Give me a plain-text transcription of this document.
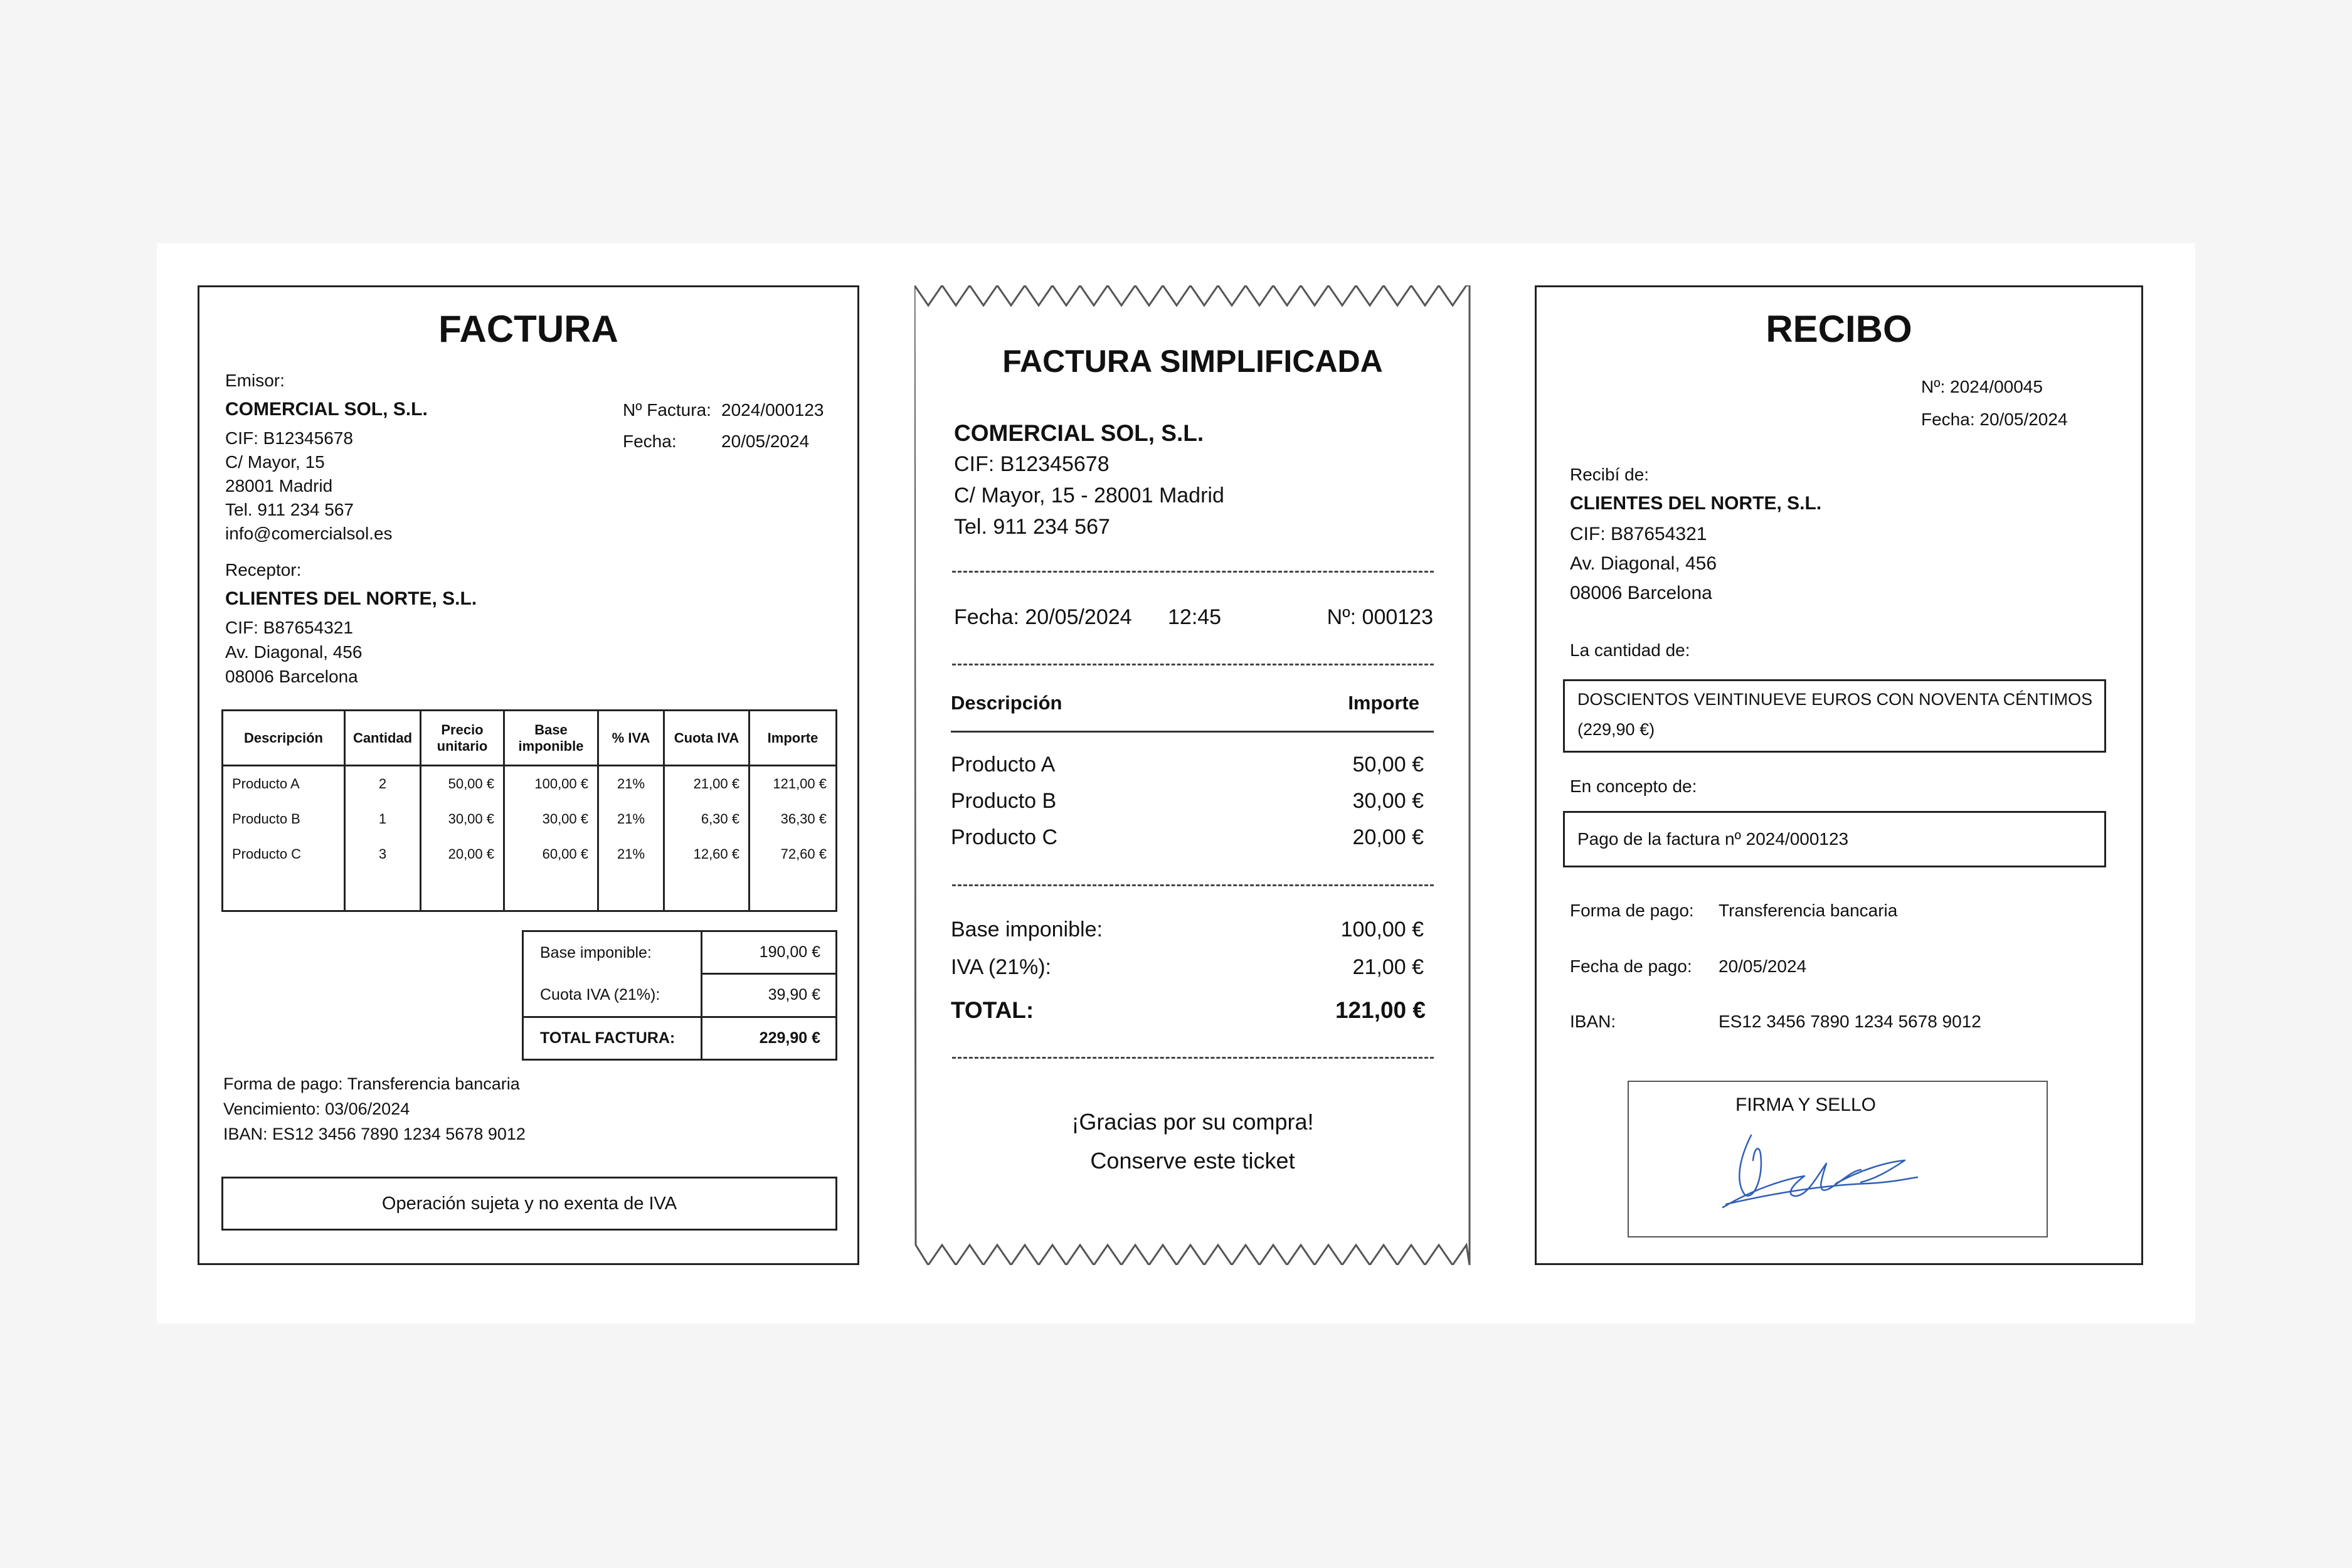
FACTURA
Emisor:
COMERCIAL SOL, S.L.
CIF: B12345678
C/ Mayor, 15
28001 Madrid
Tel. 911 234 567
info@comercialsol.es
Nº Factura: 2024/000123
Fecha:	20/05/2024
Receptor:
CLIENTES DEL NORTE, S.L.
CIF: B87654321
Av. Diagonal, 456
08006 Barcelona
Descripción	Cantidad	Precio unitario	Base imponible	% IVA	Cuota IVA	Importe
Producto A	2	50,00 €	100,00 €	21%	21,00 €	121,00 €
Producto B	1	30,00 €	30,00 €	21%	6,30 €	36,30 €
Producto C	3	20,00 €	60,00 €	21%	12,60 €	72,60 €

Base imponible:	190,00 €
Cuota IVA (21%):	39,90 €
TOTAL FACTURA:	229,90 €
Forma de pago: Transferencia bancaria
Vencimiento: 03/06/2024
IBAN: ES12 3456 7890 1234 5678 9012
Operación sujeta y no exenta de IVA
FACTURA SIMPLIFICADA
COMERCIAL SOL, S.L.
CIF: B12345678
C/ Mayor, 15 - 28001 Madrid
Tel. 911 234 567
Fecha: 20/05/2024 12:45	Nº: 000123
Descripción	Importe
Producto A	50,00 €
Producto B	30,00 €
Producto C	20,00 €
Base imponible:	100,00 €
IVA (21%):	21,00 €
TOTAL:	121,00 €
¡Gracias por su compra!
Conserve este ticket
RECIBO
Nº: 2024/00045
Fecha: 20/05/2024
Recibí de:
CLIENTES DEL NORTE, S.L.
CIF: B87654321
Av. Diagonal, 456
08006 Barcelona
La cantidad de:
DOSCIENTOS VEINTINUEVE EUROS CON NOVENTA CÉNTIMOS
(229,90 €)
En concepto de:
Pago de la factura nº 2024/000123
Forma de pago: Transferencia bancaria
Fecha de pago: 20/05/2024
IBAN:	ES12 3456 7890 1234 5678 9012
FIRMA Y SELLO
